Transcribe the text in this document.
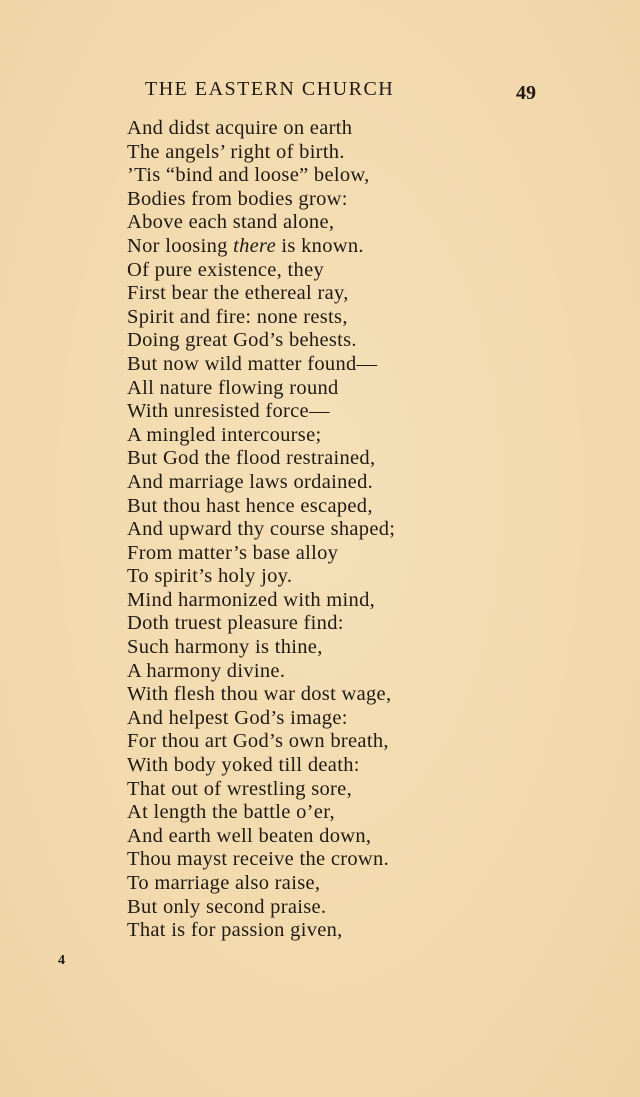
THE EASTERN CHURCH	49
And didst acquire on earth
The angels’ right of birth.
’Tis “bind and loose” below,
Bodies from bodies grow:
Above each stand alone,
Nor loosing there is known.
Of pure existence, they
First bear the ethereal ray,
Spirit and fire: none rests,
Doing great God’s behests.
But now wild matter found—
All nature flowing round
With unresisted force—
A mingled intercourse;
But God the flood restrained,
And marriage laws ordained.
But thou hast hence escaped,
And upward thy course shaped;
From matter’s base alloy
To spirit’s holy joy.
Mind harmonized with mind,
Doth truest pleasure find:
Such harmony is thine,
A harmony divine.
With flesh thou war dost wage,
And helpest God’s image:
For thou art God’s own breath,
With body yoked till death:
That out of wrestling sore,
At length the battle o’er,
And earth well beaten down,
Thou mayst receive the crown.
To marriage also raise,
But only second praise.
That is for passion given,
4
